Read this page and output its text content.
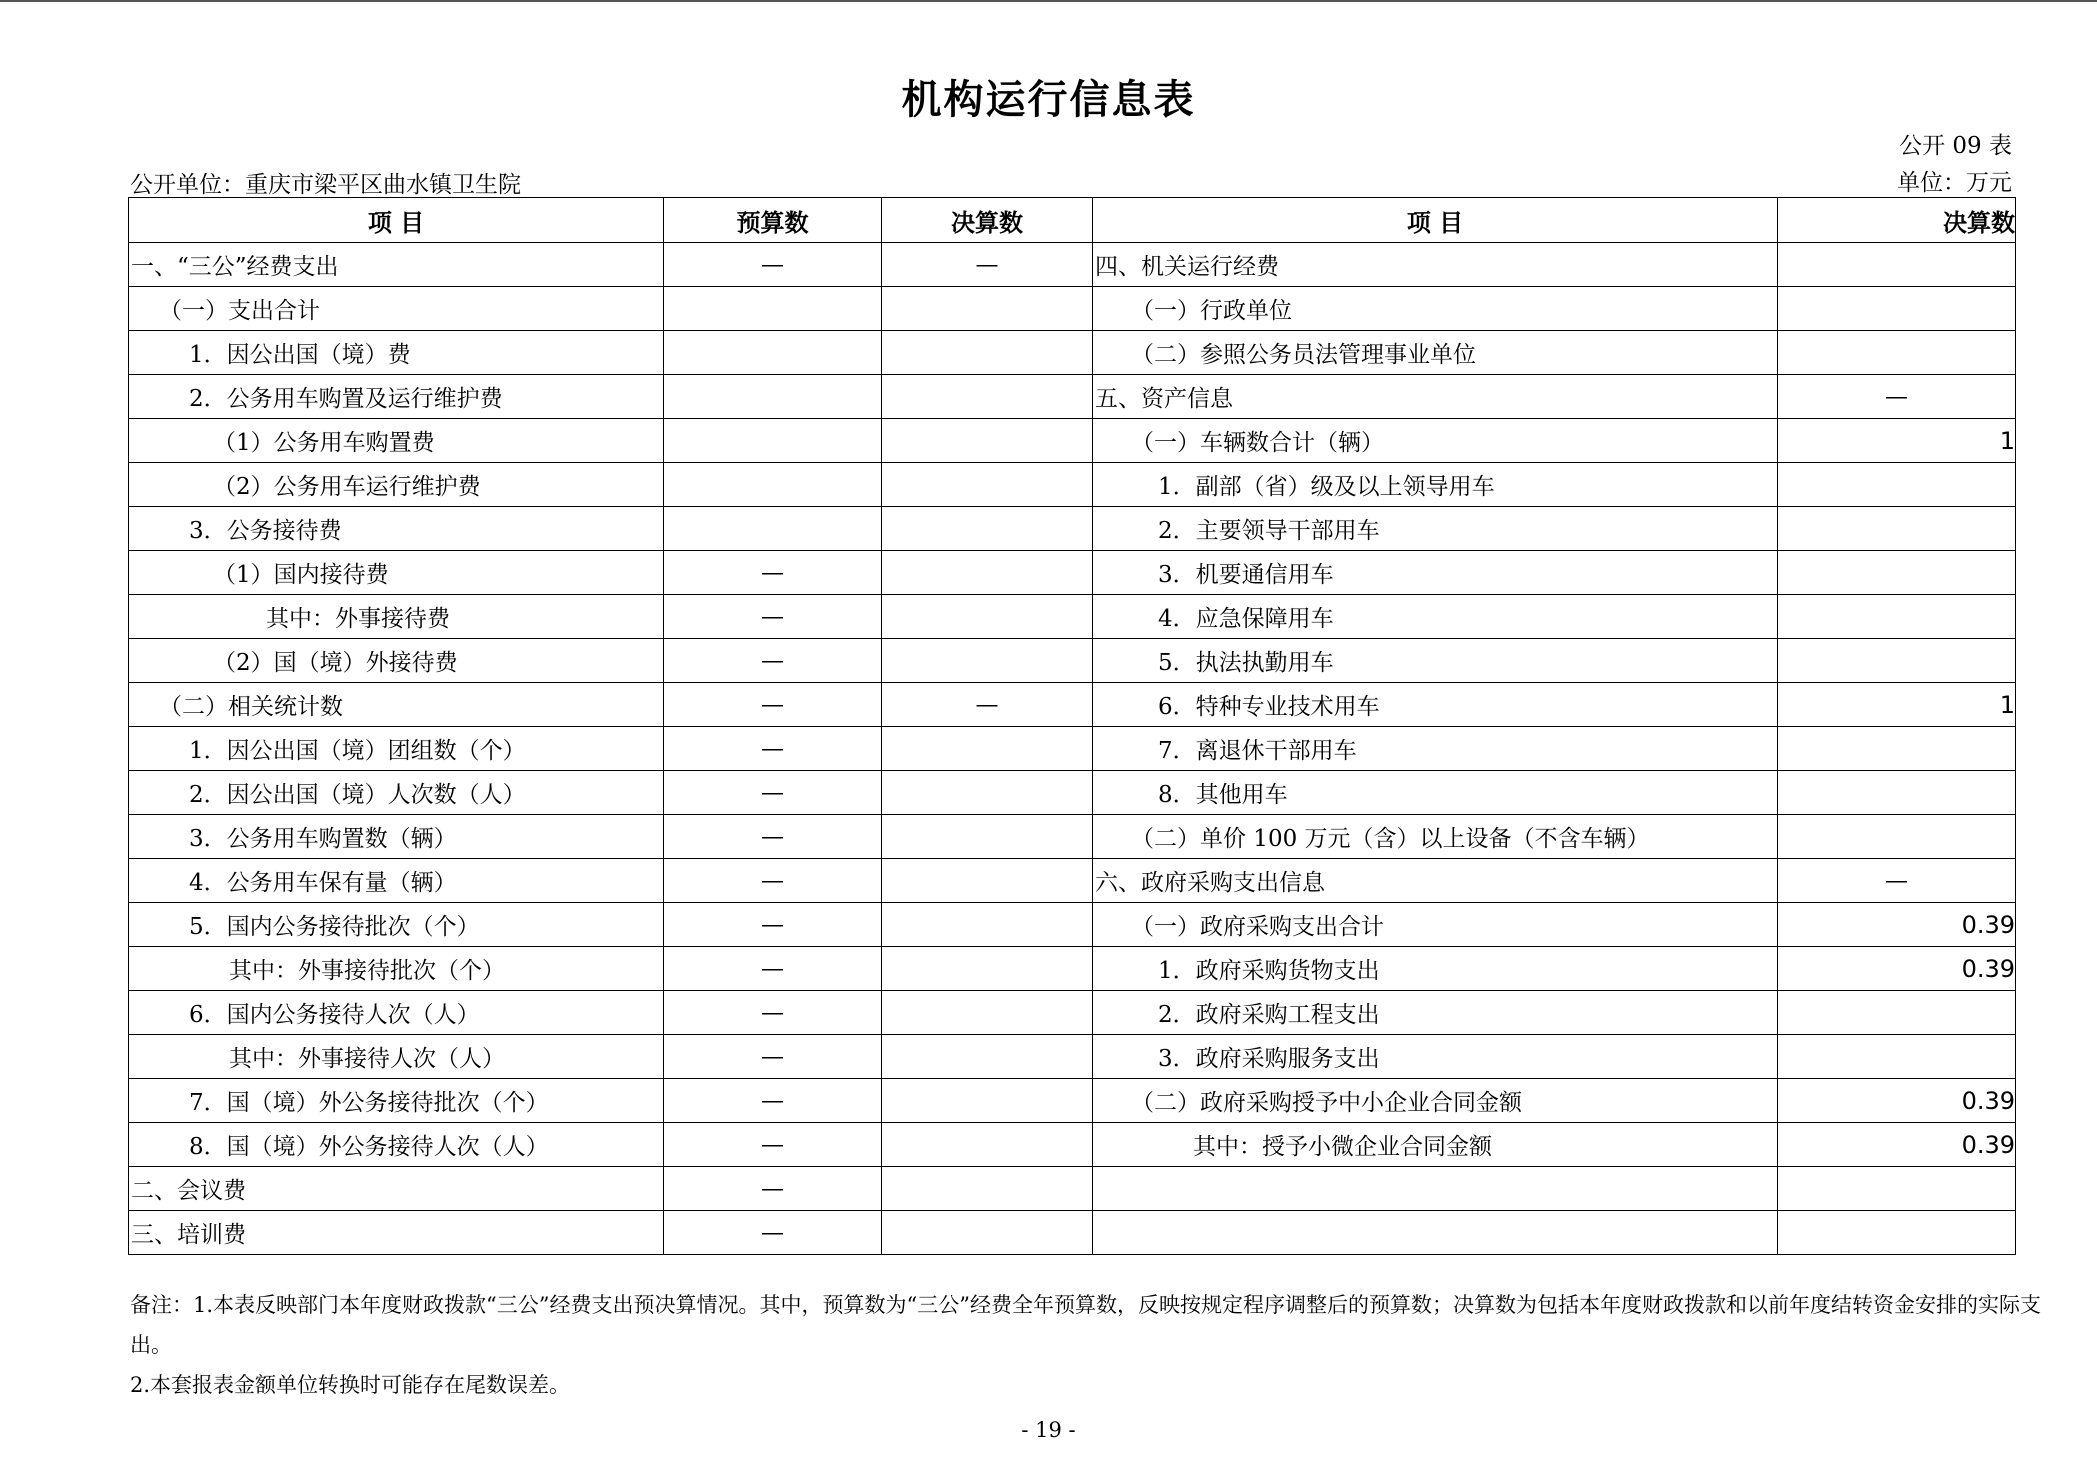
机构运行信息表
公开 09 表
单位：万元
公开单位：重庆市梁平区曲水镇卫生院
项 目	预算数	决算数	项 目	决算数
一、“三公”经费支出	—	—	四、机关运行经费	
（一）支出合计			（一）行政单位	
1．因公出国（境）费			（二）参照公务员法管理事业单位	
2．公务用车购置及运行维护费			五、资产信息	—
（1）公务用车购置费			（一）车辆数合计（辆）	1
（2）公务用车运行维护费			1．副部（省）级及以上领导用车	
3．公务接待费			2．主要领导干部用车	
（1）国内接待费	—		3．机要通信用车	
其中：外事接待费	—		4．应急保障用车	
（2）国（境）外接待费	—		5．执法执勤用车	
（二）相关统计数	—	—	6．特种专业技术用车	1
1．因公出国（境）团组数（个）	—		7．离退休干部用车	
2．因公出国（境）人次数（人）	—		8．其他用车	
3．公务用车购置数（辆）	—		（二）单价 100 万元（含）以上设备（不含车辆）	
4．公务用车保有量（辆）	—		六、政府采购支出信息	—
5．国内公务接待批次（个）	—		（一）政府采购支出合计	0.39
其中：外事接待批次（个）	—		1．政府采购货物支出	0.39
6．国内公务接待人次（人）	—		2．政府采购工程支出	
其中：外事接待人次（人）	—		3．政府采购服务支出	
7．国（境）外公务接待批次（个）	—		（二）政府采购授予中小企业合同金额	0.39
8．国（境）外公务接待人次（人）	—		其中：授予小微企业合同金额	0.39
二、会议费	—			
三、培训费	—			
备注：1.本表反映部门本年度财政拨款“三公”经费支出预决算情况。其中，预算数为“三公”经费全年预算数，反映按规定程序调整后的预算数；决算数为包括本年度财政拨款和以前年度结转资金安排的实际支出。
2.本套报表金额单位转换时可能存在尾数误差。
- 19 -
